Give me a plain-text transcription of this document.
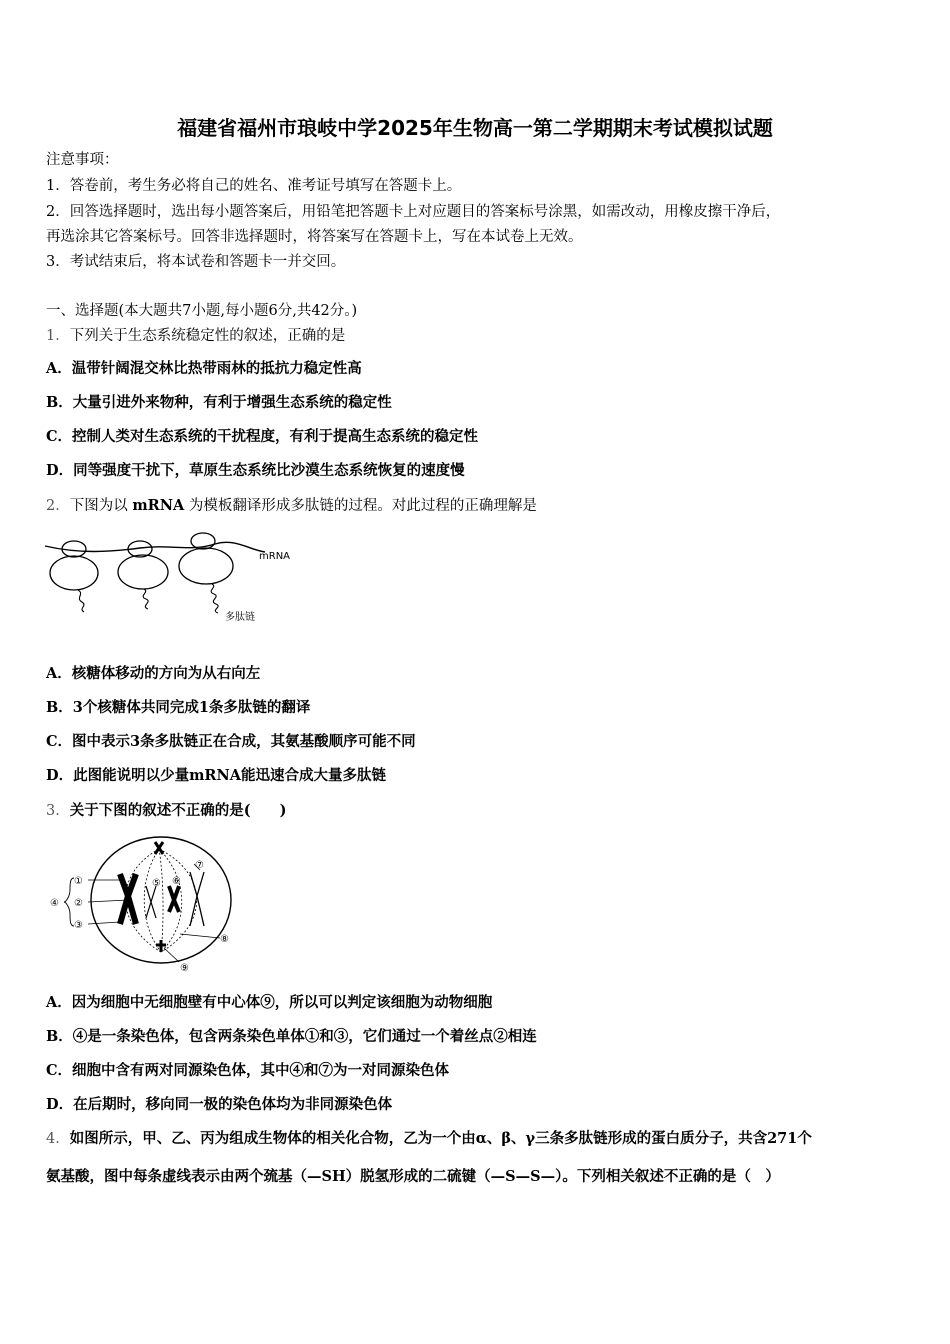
福建省福州市琅岐中学2025年生物高一第二学期期末考试模拟试题
注意事项：
1．答卷前，考生务必将自己的姓名、准考证号填写在答题卡上。
2．回答选择题时，选出每小题答案后，用铅笔把答题卡上对应题目的答案标号涂黑，如需改动，用橡皮擦干净后，
再选涂其它答案标号。回答非选择题时，将答案写在答题卡上，写在本试卷上无效。
3．考试结束后，将本试卷和答题卡一并交回。
一、选择题(本大题共7小题,每小题6分,共42分。)
1．下列关于生态系统稳定性的叙述，正确的是
A．温带针阔混交林比热带雨林的抵抗力稳定性高
B．大量引进外来物种，有利于增强生态系统的稳定性
C．控制人类对生态系统的干扰程度，有利于提高生态系统的稳定性
D．同等强度干扰下，草原生态系统比沙漠生态系统恢复的速度慢
2．下图为以 mRNA 为模板翻译形成多肽链的过程。对此过程的正确理解是
mRNA
多肽链
A．核糖体移动的方向为从右向左
B．3个核糖体共同完成1条多肽链的翻译
C．图中表示3条多肽链正在合成，其氨基酸顺序可能不同
D．此图能说明以少量mRNA能迅速合成大量多肽链
3．关于下图的叙述不正确的是(　　)
①
②
③
④
⑤ ⑥
⑦
⑧
⑨
A．因为细胞中无细胞壁有中心体⑨，所以可以判定该细胞为动物细胞
B．④是一条染色体，包含两条染色单体①和③，它们通过一个着丝点②相连
C．细胞中含有两对同源染色体，其中④和⑦为一对同源染色体
D．在后期时，移向同一极的染色体均为非同源染色体
4．如图所示，甲、乙、丙为组成生物体的相关化合物，乙为一个由α、β、γ三条多肽链形成的蛋白质分子，共含271个
氨基酸，图中每条虚线表示由两个巯基（—SH）脱氢形成的二硫键（—S—S—）。下列相关叙述不正确的是（　）
